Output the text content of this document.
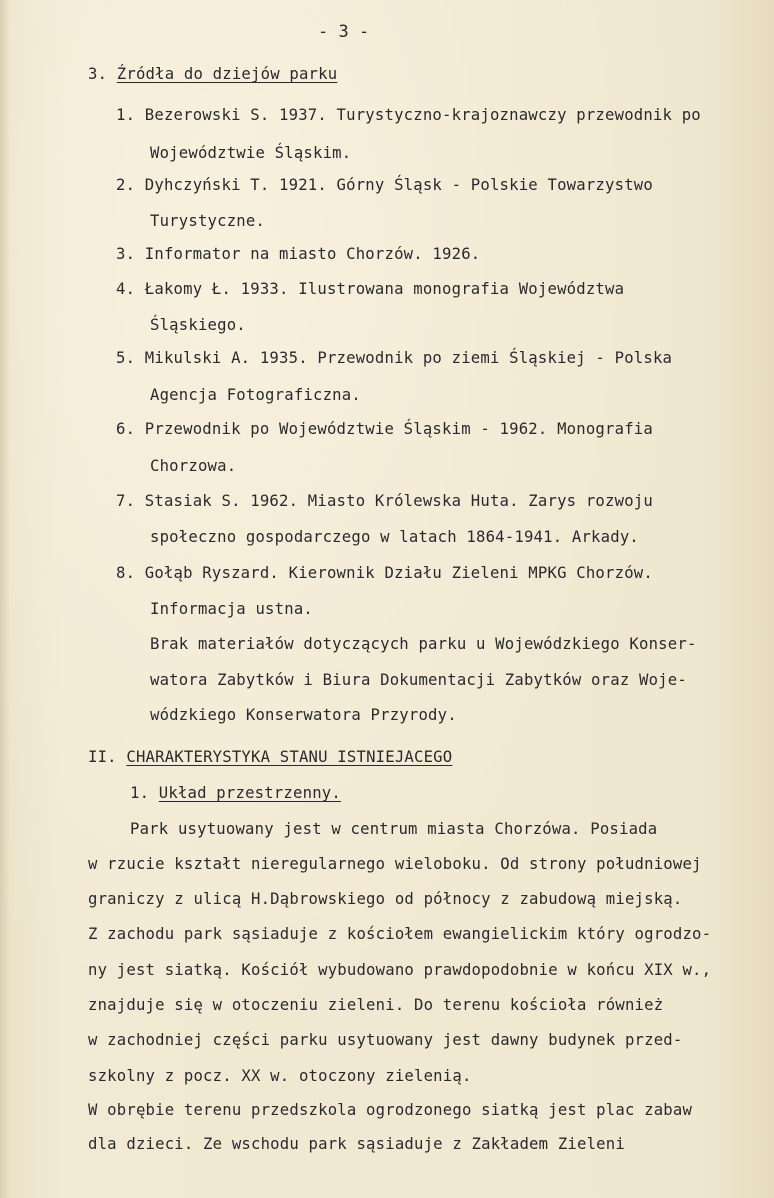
- 3 -
3. Źródła do dziejów parku
1. Bezerowski S. 1937. Turystyczno-krajoznawczy przewodnik po
Województwie Śląskim.
2. Dyhczyński T. 1921. Górny Śląsk - Polskie Towarzystwo
Turystyczne.
3. Informator na miasto Chorzów. 1926.
4. Łakomy Ł. 1933. Ilustrowana monografia Województwa
Śląskiego.
5. Mikulski A. 1935. Przewodnik po ziemi Śląskiej - Polska
Agencja Fotograficzna.
6. Przewodnik po Województwie Śląskim - 1962. Monografia
Chorzowa.
7. Stasiak S. 1962. Miasto Królewska Huta. Zarys rozwoju
społeczno gospodarczego w latach 1864-1941. Arkady.
8. Gołąb Ryszard. Kierownik Działu Zieleni MPKG Chorzów.
Informacja ustna.
Brak materiałów dotyczących parku u Wojewódzkiego Konser-
watora Zabytków i Biura Dokumentacji Zabytków oraz Woje-
wódzkiego Konserwatora Przyrody.
II. CHARAKTERYSTYKA STANU ISTNIEJACEGO
1. Układ przestrzenny.
Park usytuowany jest w centrum miasta Chorzówa. Posiada
w rzucie kształt nieregularnego wieloboku. Od strony południowej
graniczy z ulicą H.Dąbrowskiego od północy z zabudową miejską.
Z zachodu park sąsiaduje z kościołem ewangielickim który ogrodzo-
ny jest siatką. Kościół wybudowano prawdopodobnie w końcu XIX w.,
znajduje się w otoczeniu zieleni. Do terenu kościoła również
w zachodniej części parku usytuowany jest dawny budynek przed-
szkolny z pocz. XX w. otoczony zielenią.
W obrębie terenu przedszkola ogrodzonego siatką jest plac zabaw
dla dzieci. Ze wschodu park sąsiaduje z Zakładem Zieleni
